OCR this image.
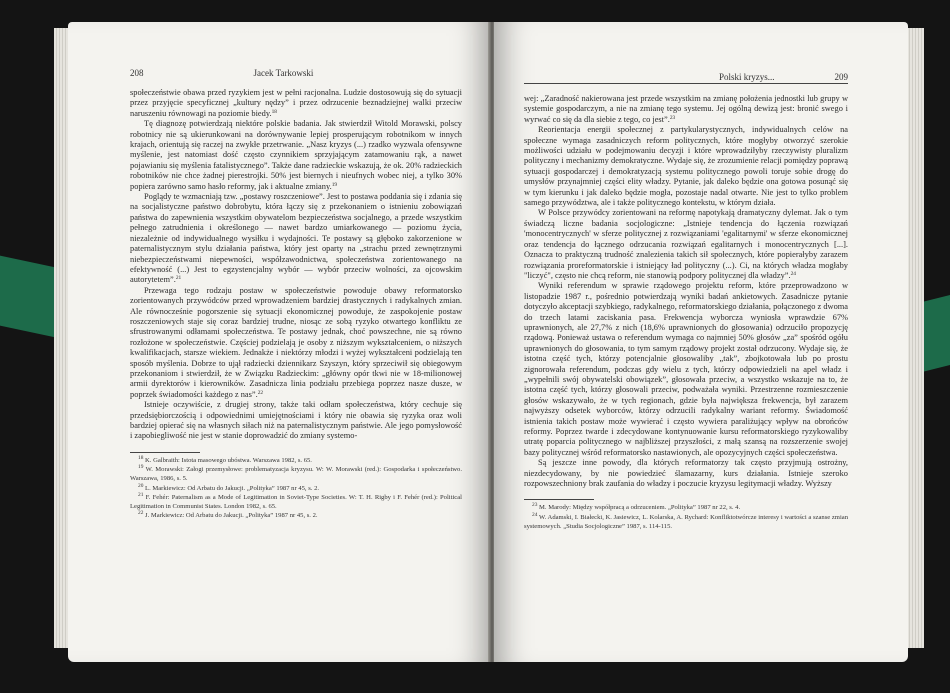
208	Jacek Tarkowski

społeczeństwie obawa przed ryzykiem jest w pełni racjonalna. Ludzie dostosowują się do sytuacji przez przyjęcie specyficznej „kultury nędzy” i przez odrzucenie beznadziejnej walki przeciw naruszeniu równowagi na poziomie biedy.$^{18}$

Tę diagnozę potwierdzają niektóre polskie badania. Jak stwierdził Witold Morawski, polscy robotnicy nie są ukierunkowani na dorównywanie lepiej prosperującym robotnikom w innych krajach, orientują się raczej na zwykłe przetrwanie. „Nasz kryzys (...) rzadko wyzwala ofensywne myślenie, jest natomiast dość często czynnikiem sprzyjającym zatamowaniu rąk, a nawet pojawianiu się myślenia fatalistycznego”. Także dane radzieckie wskazują, że ok. 20% radzieckich robotników nie chce żadnej pierestrojki. 50% jest biernych i nieufnych wobec niej, a tylko 30% popiera zarówno samo hasło reformy, jak i aktualne zmiany.$^{19}$

Poglądy te wzmacniają tzw. „postawy roszczeniowe”. Jest to postawa poddania się i zdania się na socjalistyczne państwo dobrobytu, która łączy się z przekonaniem o istnieniu zobowiązań państwa do zapewnienia wszystkim obywatelom bezpieczeństwa socjalnego, a przede wszystkim pełnego zatrudnienia i określonego — nawet bardzo umiarkowanego — poziomu życia, niezależnie od indywidualnego wysiłku i wydajności. Te postawy są głęboko zakorzenione w paternalistycznym stylu działania państwa, który jest oparty na „strachu przed zewnętrznymi niebezpieczeństwami niepewności, współzawodnictwa, społeczeństwa zorientowanego na efektywność (...) Jest to egzystencjalny wybór — wybór przeciw wolności, za ojcowskim autorytetem”.$^{21}$

Przewaga tego rodzaju postaw w społeczeństwie powoduje obawy reformatorsko zorientowanych przywódców przed wprowadzeniem bardziej drastycznych i radykalnych zmian. Ale równocześnie pogorszenie się sytuacji ekonomicznej powoduje, że zaspokojenie postaw roszczeniowych staje się coraz bardziej trudne, niosąc ze sobą ryzyko otwartego konfliktu ze sfrustrowanymi odłamami społeczeństwa. Te postawy jednak, choć powszechne, nie są równo rozłożone w społeczeństwie. Częściej podzielają je osoby z niższym wykształceniem, o niższych kwalifikacjach, starsze wiekiem. Jednakże i niektórzy młodzi i wyżej wykształceni podzielają ten sposób myślenia. Dobrze to ujął radziecki dziennikarz Szyszyn, który sprzeciwił się obiegowym przekonaniom i stwierdził, że w Związku Radzieckim: „główny opór tkwi nie w 18-milionowej armii dyrektorów i kierowników. Zasadnicza linia podziału przebiega poprzez nasze dusze, w poprzek świadomości każdego z nas”.$^{22}$

Istnieje oczywiście, z drugiej strony, także taki odłam społeczeństwa, który cechuje się przedsiębiorczością i odpowiednimi umiejętnościami i który nie obawia się ryzyka oraz woli bardziej opierać się na własnych siłach niż na paternalistycznym państwie. Ale jego pomysłowość i zapobiegliwość nie jest w stanie doprowadzić do zmiany systemo-

$^{18}$ K. Galbraith: Istota masowego ubóstwa. Warszawa 1982, s. 65.

$^{19}$ W. Morawski: Załogi przemysłowe: problematyzacja kryzysu. W: W. Morawski (red.): Gospodarka i społeczeństwo. Warszawa, 1986, s. 5.

$^{20}$ L. Markiewicz: Od Arbatu do Jakucji. „Polityka” 1987 nr 45, s. 2.

$^{21}$ F. Fehér: Paternalism as a Mode of Legitimation in Soviet-Type Societies. W: T. H. Rigby i F. Fehér (red.): Political Legitimation in Communist States. London 1982, s. 65.

$^{22}$ J. Markiewicz: Od Arbatu do Jakucji. „Polityka” 1987 nr 45, s. 2.

Polski kryzys...	209

wej: „Zaradność nakierowana jest przede wszystkim na zmianę położenia jednostki lub grupy w systemie gospodarczym, a nie na zmianę tego systemu. Jej ogólną dewizą jest: bronić swego i wyrwać co się da dla siebie z tego, co jest”.$^{23}$

Reorientacja energii społecznej z partykularystycznych, indywidualnych celów na społeczne wymaga zasadniczych reform politycznych, które mogłyby otworzyć szerokie możliwości udziału w podejmowaniu decyzji i które wprowadziłyby rzeczywisty pluralizm polityczny i mechanizmy demokratyczne. Wydaje się, że zrozumienie relacji pomiędzy poprawą sytuacji gospodarczej i demokratyzacją systemu politycznego powoli toruje sobie drogę do umysłów przynajmniej części elity władzy. Pytanie, jak daleko będzie ona gotowa posunąć się w tym kierunku i jak daleko będzie mogła, pozostaje nadal otwarte. Nie jest to tylko problem samego przywództwa, ale i także politycznego kontekstu, w którym działa.

W Polsce przywódcy zorientowani na reformę napotykają dramatyczny dylemat. Jak o tym świadczą liczne badania socjologiczne: „Istnieje tendencja do łączenia rozwiązań 'monocentrycznych' w sferze politycznej z rozwiązaniami 'egalitarnymi' w sferze ekonomicznej oraz tendencja do łącznego odrzucania rozwiązań egalitarnych i monocentrycznych [...]. Oznacza to praktyczną trudność znalezienia takich sił społecznych, które popierałyby zarazem rozwiązania proreformatorskie i istniejący ład polityczny (...). Ci, na których władza mogłaby "liczyć", często nie chcą reform, nie stanowią podpory politycznej dla władzy”.$^{24}$

Wyniki referendum w sprawie rządowego projektu reform, które przeprowadzono w listopadzie 1987 r., pośrednio potwierdzają wyniki badań ankietowych. Zasadnicze pytanie dotyczyło akceptacji szybkiego, radykalnego, reformatorskiego działania, połączonego z dwoma do trzech latami zaciskania pasa. Frekwencja wyborcza wyniosła wprawdzie 67% uprawnionych, ale 27,7% z nich (18,6% uprawnionych do głosowania) odrzuciło propozycję rządową. Ponieważ ustawa o referendum wymaga co najmniej 50% głosów „za” spośród ogółu uprawnionych do głosowania, to tym samym rządowy projekt został odrzucony. Wydaje się, że istotna część tych, którzy potencjalnie głosowaliby „tak”, zbojkotowała lub po prostu zignorowała referendum, podczas gdy wielu z tych, którzy odpowiedzieli na apel władz i „wypełnili swój obywatelski obowiązek”, głosowała przeciw, a wszystko wskazuje na to, że istotna część tych, którzy głosowali przeciw, podważała wyniki. Przestrzenne rozmieszczenie głosów wskazywało, że w tych regionach, gdzie była największa frekwencja, był zarazem najwyższy odsetek wyborców, którzy odrzucili radykalny wariant reformy. Świadomość istnienia takich postaw może wywierać i często wywiera paraliżujący wpływ na obrońców reformy. Poprzez twarde i zdecydowane kontynuowanie kursu reformatorskiego ryzykowaliby utratę poparcia politycznego w najbliższej przyszłości, z małą szansą na rozszerzenie swojej bazy politycznej wśród reformatorsko nastawionych, ale opozycyjnych części społeczeństwa.

Są jeszcze inne powody, dla których reformatorzy tak często przyjmują ostrożny, niezdecydowany, by nie powiedzieć ślamazarny, kurs działania. Istnieje szeroko rozpowszechniony brak zaufania do władzy i poczucie kryzysu legitymacji władzy. Wyższy

$^{23}$ M. Marody: Między współpracą a odrzuceniem. „Polityka” 1987 nr 22, s. 4.

$^{24}$ W. Adamski, I. Białecki, K. Jasiewicz, L. Kolarska, A. Rychard: Konfliktotwórcze interesy i wartości a szanse zmian systemowych. „Studia Socjologiczne” 1987, s. 114-115.
